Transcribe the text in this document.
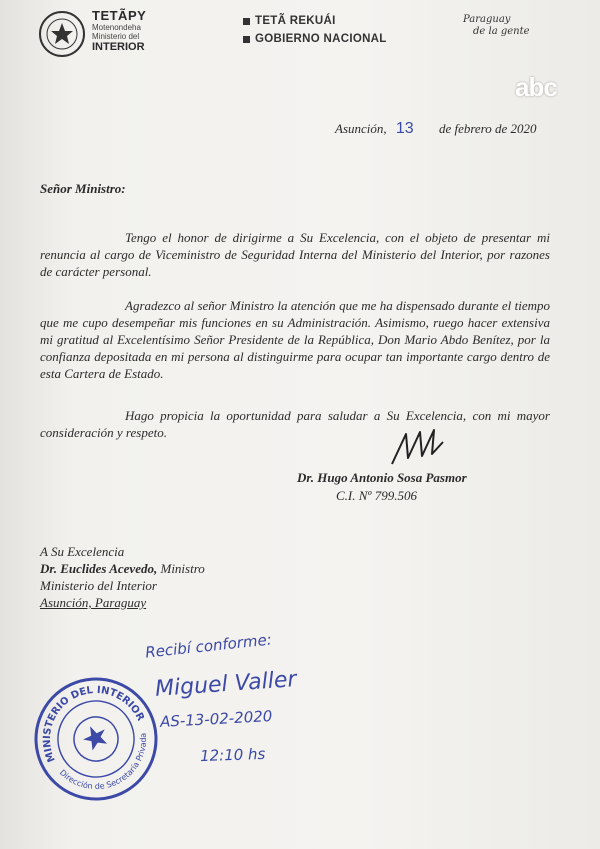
TETÃPY
Motenondeha
Ministerio del
INTERIOR
TETÃ REKUÁI
GOBIERNO NACIONAL
Paraguay
de la gente
abc
Asunción, 13 de febrero de 2020
Señor Ministro:
Tengo el honor de dirigirme a Su Excelencia, con el objeto de presentar mi renuncia al cargo de Viceministro de Seguridad Interna del Ministerio del Interior, por razones de carácter personal.
Agradezco al señor Ministro la atención que me ha dispensado durante el tiempo que me cupo desempeñar mis funciones en su Administración. Asimismo, ruego hacer extensiva mi gratitud al Excelentísimo Señor Presidente de la República, Don Mario Abdo Benítez, por la confianza depositada en mi persona al distinguirme para ocupar tan importante cargo dentro de esta Cartera de Estado.
Hago propicia la oportunidad para saludar a Su Excelencia, con mi mayor consideración y respeto.
Dr. Hugo Antonio Sosa Pasmor
C.I. Nº 799.506
A Su Excelencia
Dr. Euclides Acevedo, Ministro
Ministerio del Interior
Asunción, Paraguay
MINISTERIO DEL INTERIOR
Dirección de Secretaría Privada
Recibí conforme:
Miguel Valler
AS-13-02-2020
12:10 hs
